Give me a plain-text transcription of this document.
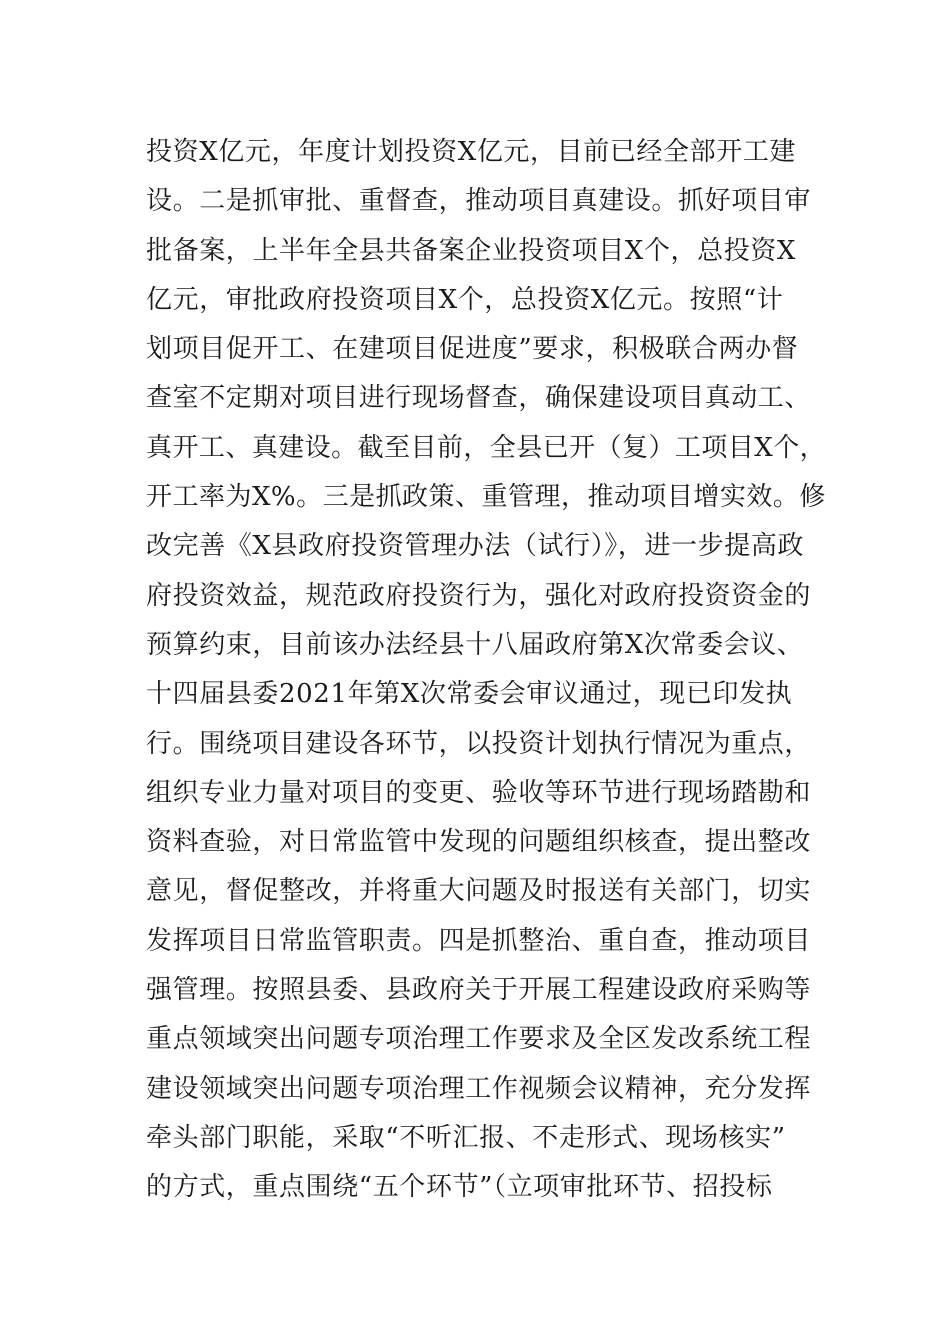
投资X亿元，年度计划投资X亿元，目前已经全部开工建
设。二是抓审批、重督查，推动项目真建设。抓好项目审
批备案，上半年全县共备案企业投资项目X个，总投资X
亿元，审批政府投资项目X个，总投资X亿元。按照“计
划项目促开工、在建项目促进度”要求，积极联合两办督
查室不定期对项目进行现场督查，确保建设项目真动工、
真开工、真建设。截至目前，全县已开（复）工项目X个，
开工率为X%。三是抓政策、重管理，推动项目增实效。修
改完善《X县政府投资管理办法（试行）》，进一步提高政
府投资效益，规范政府投资行为，强化对政府投资资金的
预算约束，目前该办法经县十八届政府第X次常委会议、
十四届县委2021年第X次常委会审议通过，现已印发执
行。围绕项目建设各环节，以投资计划执行情况为重点，
组织专业力量对项目的变更、验收等环节进行现场踏勘和
资料查验，对日常监管中发现的问题组织核查，提出整改
意见，督促整改，并将重大问题及时报送有关部门，切实
发挥项目日常监管职责。四是抓整治、重自查，推动项目
强管理。按照县委、县政府关于开展工程建设政府采购等
重点领域突出问题专项治理工作要求及全区发改系统工程
建设领域突出问题专项治理工作视频会议精神，充分发挥
牵头部门职能，采取“不听汇报、不走形式、现场核实”
的方式，重点围绕“五个环节”（立项审批环节、招投标
